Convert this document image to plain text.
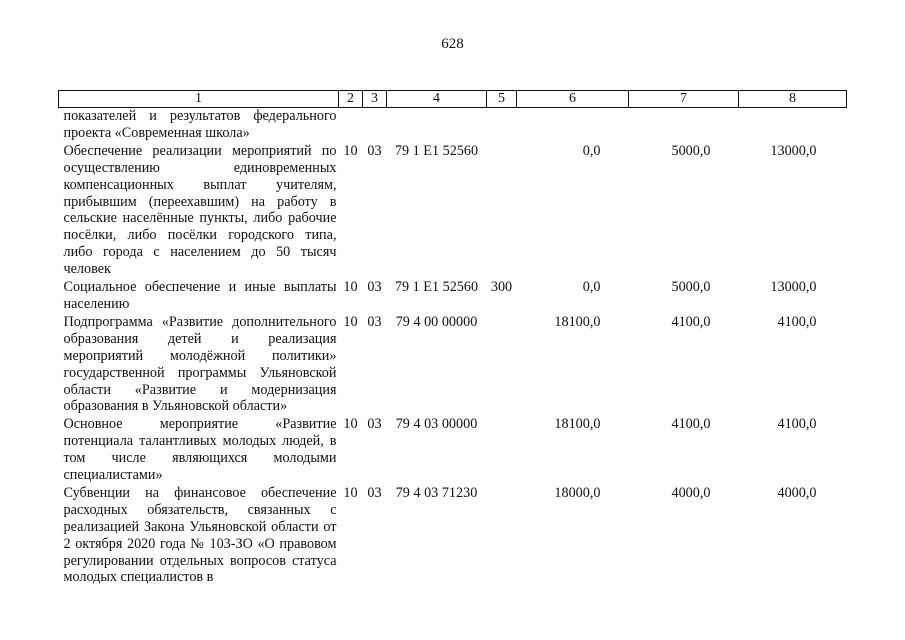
628
1	2	3	4	5	6	7	8
показателей и результатов федерального проекта «Современная школа»							
Обеспечение реализации мероприятий по осуществлению единовременных компенсационных выплат учителям, прибывшим (переехавшим) на работу в сельские населённые пункты, либо рабочие посёлки, либо посёлки городского типа, либо города с населением до 50 тысяч человек	10	03	79 1 E1 52560		0,0	5000,0	13000,0
Социальное обеспечение и иные выплаты населению	10	03	79 1 E1 52560	300	0,0	5000,0	13000,0
Подпрограмма «Развитие дополнительного образования детей и реализация мероприятий молодёжной политики» государственной программы Ульяновской области «Развитие и модернизация образования в Ульяновской области»	10	03	79 4 00 00000		18100,0	4100,0	4100,0
Основное мероприятие «Развитие потенциала талантливых молодых людей, в том числе являющихся молодыми специалистами»	10	03	79 4 03 00000		18100,0	4100,0	4100,0
Субвенции на финансовое обеспечение расходных обязательств, связанных с реализацией Закона Ульяновской области от 2 октября 2020 года № 103-ЗО «О правовом регулировании отдельных вопросов статуса молодых специалистов в	10	03	79 4 03 71230		18000,0	4000,0	4000,0
